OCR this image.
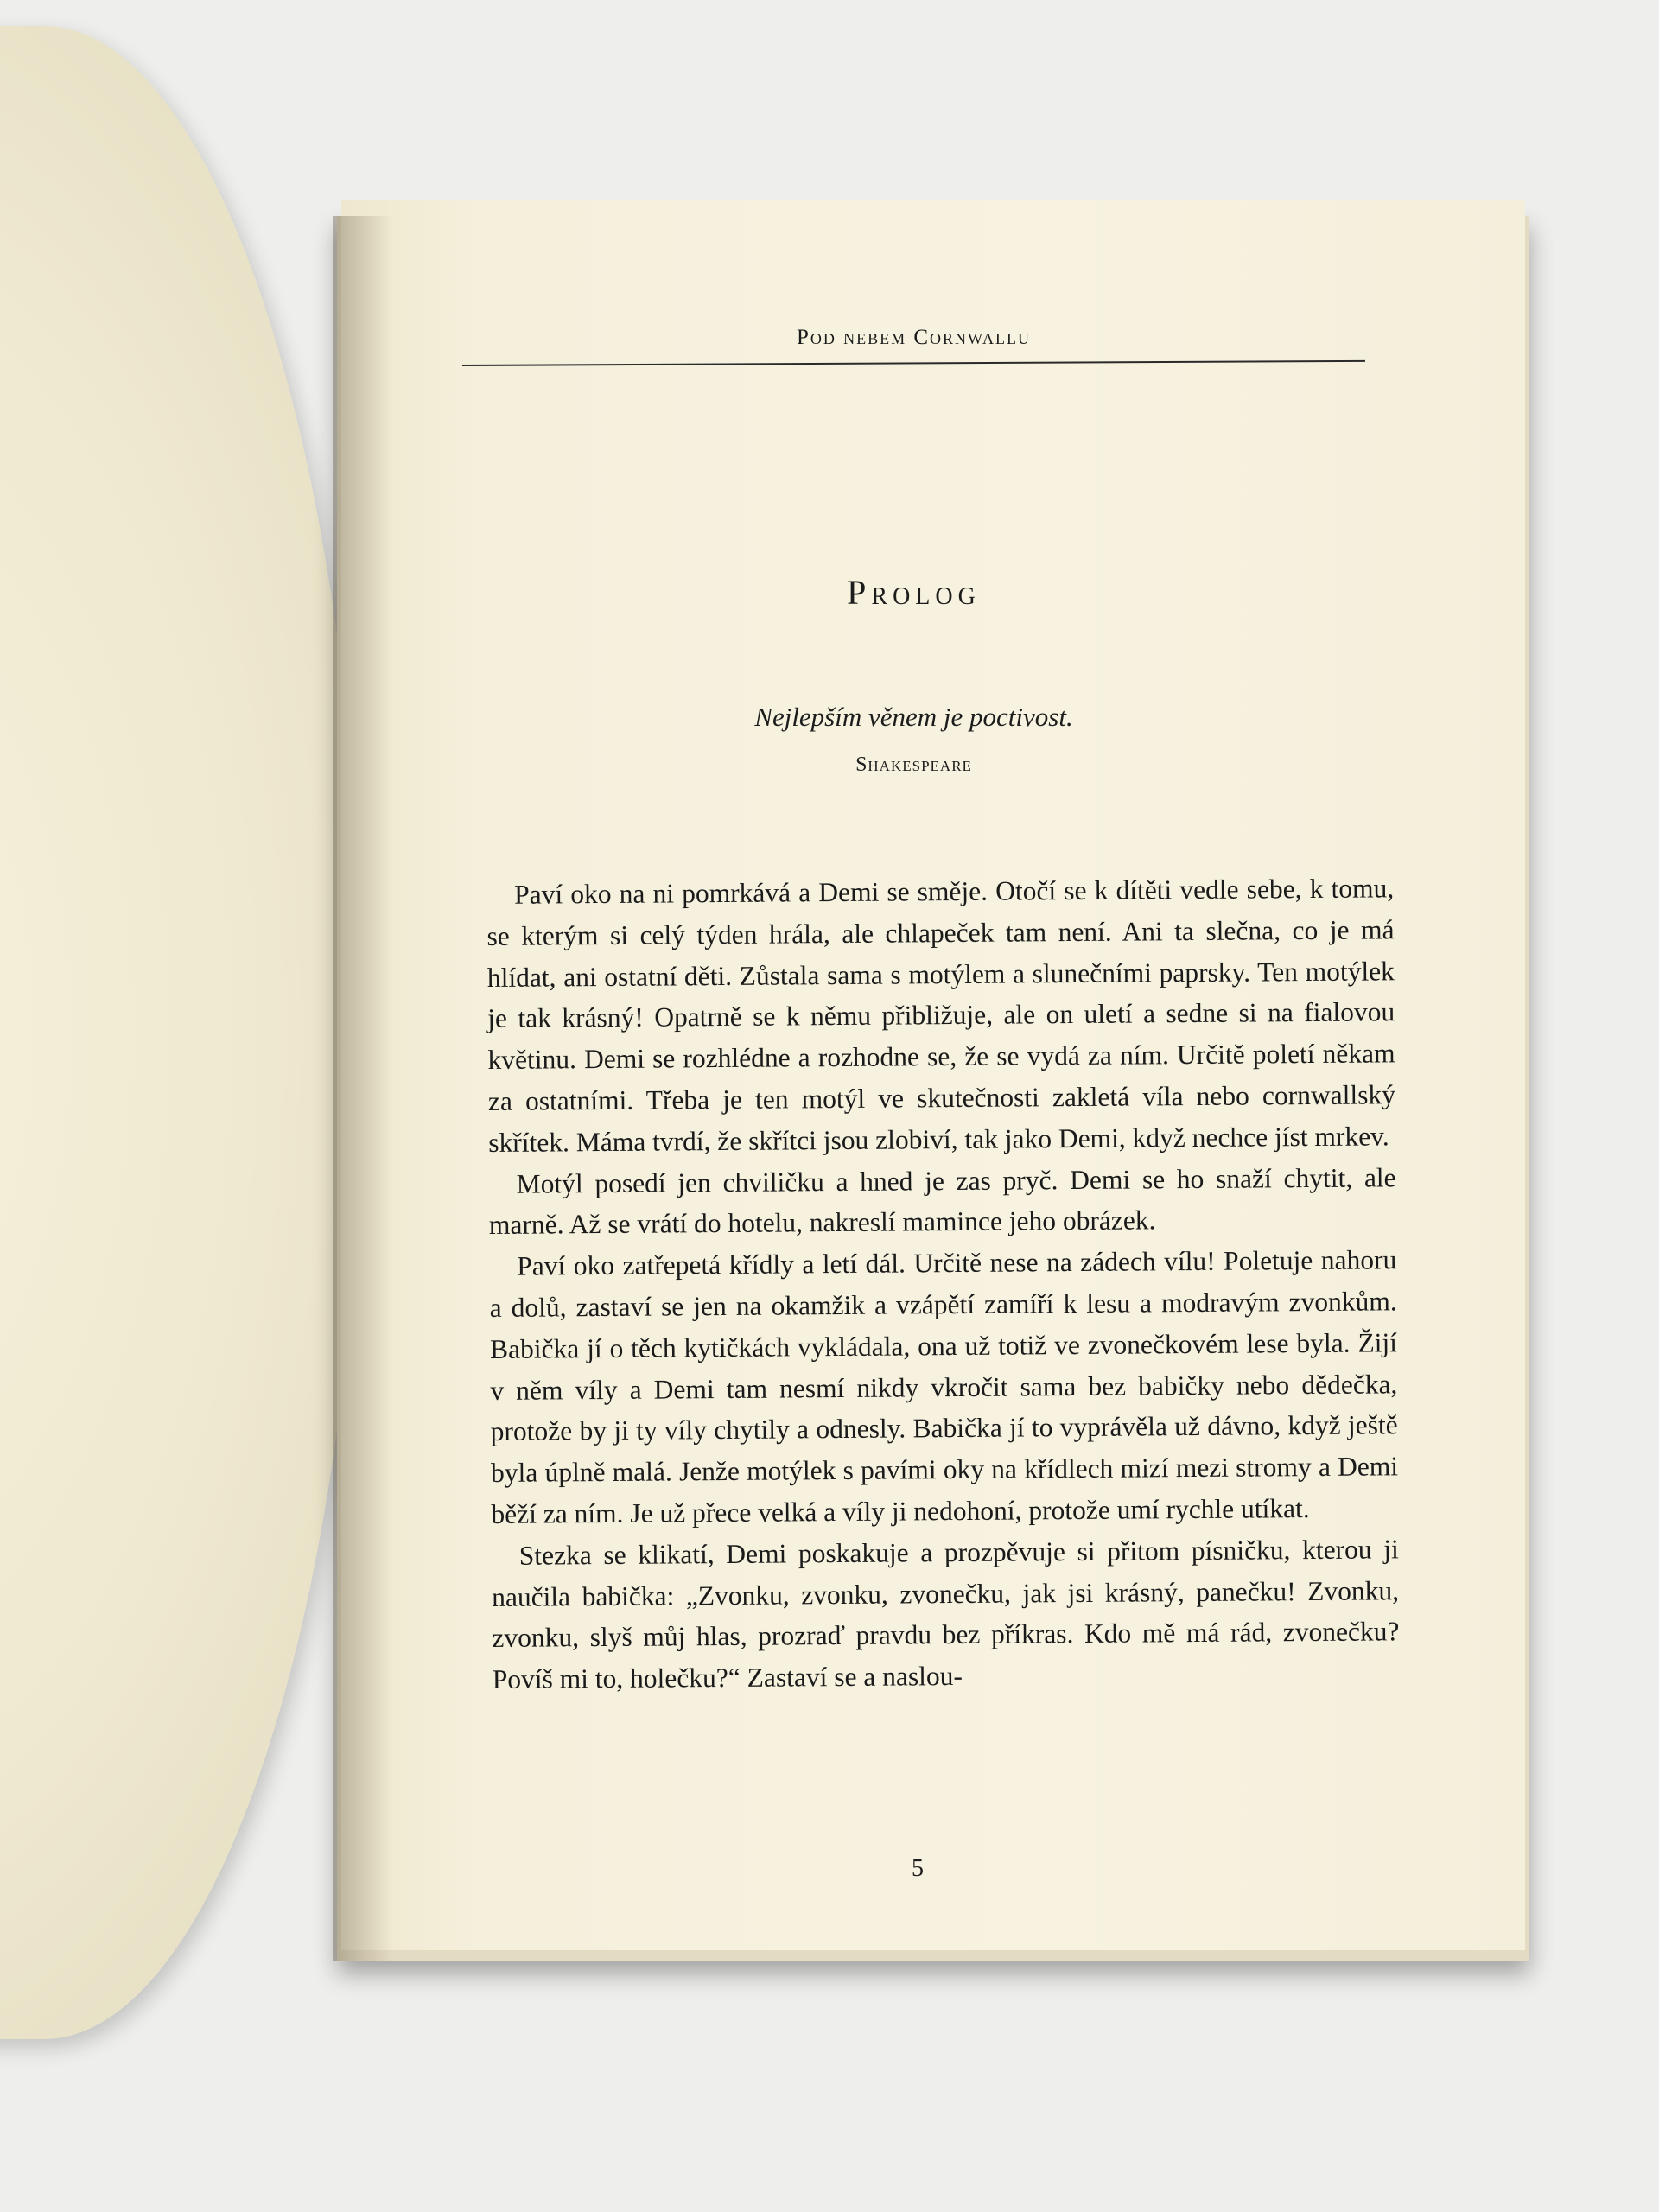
Pod nebem Cornwallu
Prolog
Nejlepším věnem je poctivost.
Shakespeare

Paví oko na ni pomrkává a Demi se směje. Otočí se k dítěti vedle sebe, k tomu, se kterým si celý týden hrála, ale chlapeček tam není. Ani ta slečna, co je má hlídat, ani ostatní děti. Zůstala sama s motýlem a slunečními paprsky. Ten motýlek je tak krásný! Opatrně se k němu přibližuje, ale on uletí a sedne si na fialovou květinu. Demi se rozhlédne a rozhodne se, že se vydá za ním. Určitě poletí někam za ostatními. Třeba je ten motýl ve skutečnosti zakletá víla nebo cornwallský skřítek. Máma tvrdí, že skřítci jsou zlobiví, tak jako Demi, když nechce jíst mrkev.

Motýl posedí jen chviličku a hned je zas pryč. Demi se ho snaží chytit, ale marně. Až se vrátí do hotelu, nakreslí mamince jeho obrázek.

Paví oko zatřepetá křídly a letí dál. Určitě nese na zádech vílu! Poletuje nahoru a dolů, zastaví se jen na okamžik a vzápětí zamíří k lesu a modravým zvonkům. Babička jí o těch kytičkách vykládala, ona už totiž ve zvonečkovém lese byla. Žijí v něm víly a Demi tam nesmí nikdy vkročit sama bez babičky nebo dědečka, protože by ji ty víly chytily a odnesly. Babička jí to vyprávěla už dávno, když ještě byla úplně malá. Jenže motýlek s pavími oky na křídlech mizí mezi stromy a Demi běží za ním. Je už přece velká a víly ji nedohoní, protože umí rychle utíkat.

Stezka se klikatí, Demi poskakuje a prozpěvuje si přitom písničku, kterou ji naučila babička: „Zvonku, zvonku, zvonečku, jak jsi krásný, panečku! Zvonku, zvonku, slyš můj hlas, prozraď pravdu bez příkras. Kdo mě má rád, zvonečku? Povíš mi to, holečku?“ Zastaví se a naslou-

5
